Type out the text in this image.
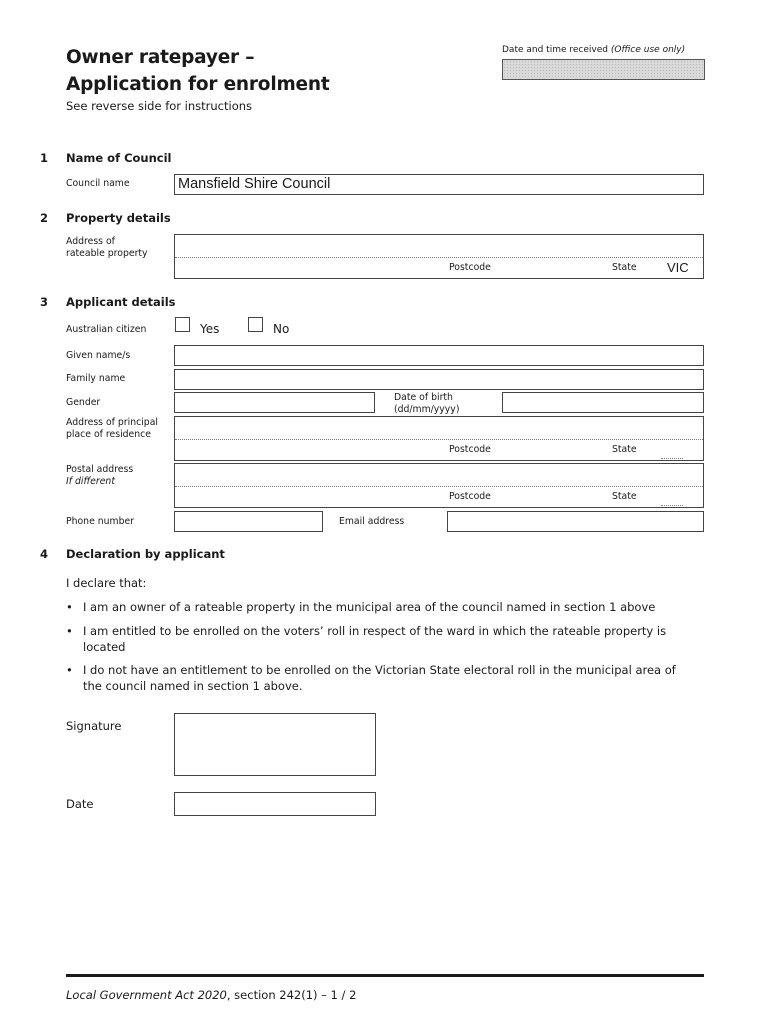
Owner ratepayer –
Application for enrolment
See reverse side for instructions
Date and time received (Office use only)
1 Name of Council
Council name	Mansfield Shire Council
2 Property details
Address of
rateable property
Postcode	State VIC
3 Applicant details
Australian citizen	Yes	No
Given name/s
Family name
Gender	Date of birth
(dd/mm/yyyy)
Address of principal
place of residence
Postcode	State
Postal address
If different
Postcode	State
Phone number	Email address
4 Declaration by applicant
I declare that:
• I am an owner of a rateable property in the municipal area of the council named in section 1 above
• I am entitled to be enrolled on the voters’ roll in respect of the ward in which the rateable property is located
• I do not have an entitlement to be enrolled on the Victorian State electoral roll in the municipal area of the council named in section 1 above.
Signature
Date
Local Government Act 2020, section 242(1) – 1 / 2
